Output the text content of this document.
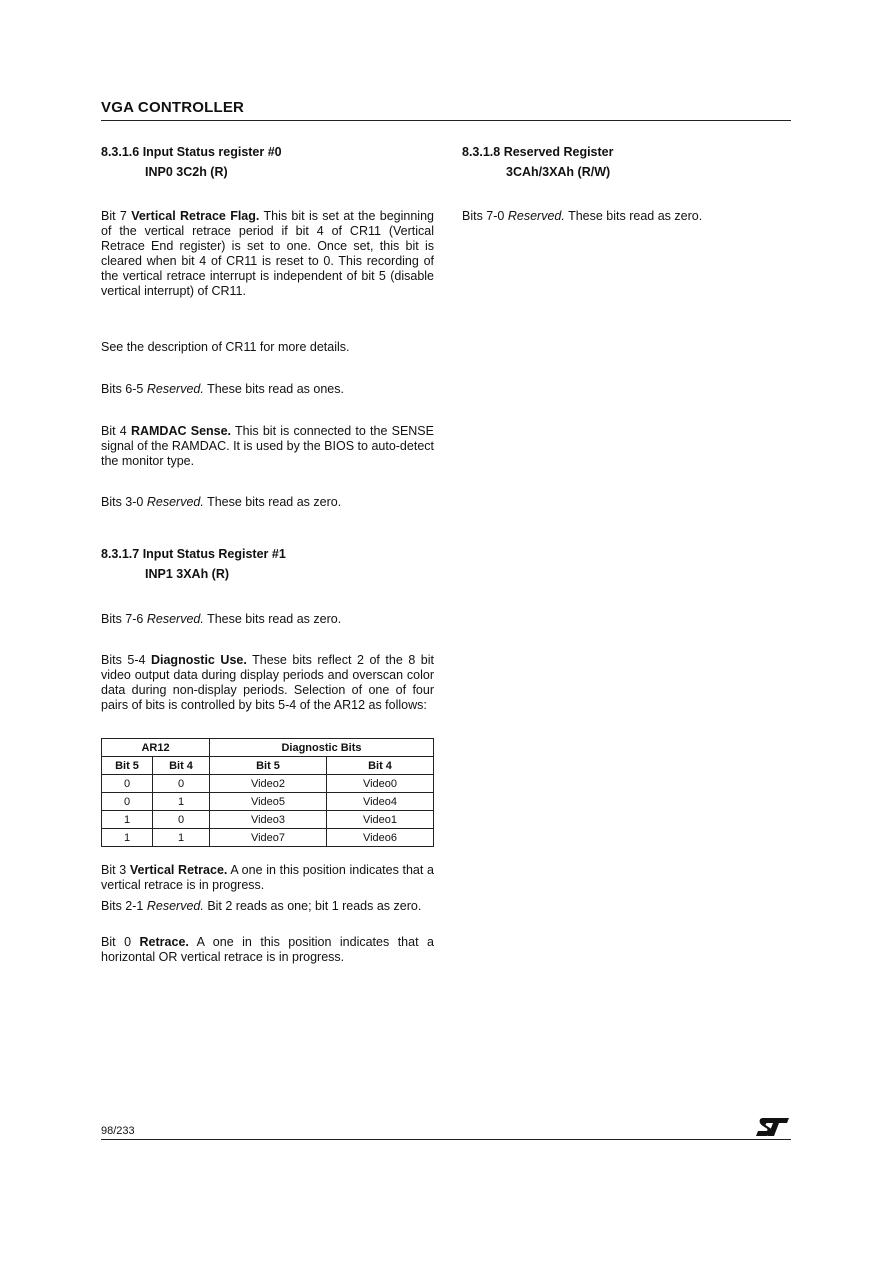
VGA CONTROLLER
8.3.1.6 Input Status register #0
INP0 3C2h (R)
Bit 7 Vertical Retrace Flag. This bit is set at the beginning of the vertical retrace period if bit 4 of CR11 (Vertical Retrace End register) is set to one. Once set, this bit is cleared when bit 4 of CR11 is reset to 0. This recording of the vertical retrace interrupt is independent of bit 5 (disable vertical interrupt) of CR11.
See the description of CR11 for more details.
Bits 6-5 Reserved. These bits read as ones.
Bit 4 RAMDAC Sense. This bit is connected to the SENSE signal of the RAMDAC. It is used by the BIOS to auto-detect the monitor type.
Bits 3-0 Reserved. These bits read as zero.
8.3.1.7 Input Status Register #1
INP1 3XAh (R)
Bits 7-6 Reserved. These bits read as zero.
Bits 5-4 Diagnostic Use. These bits reflect 2 of the 8 bit video output data during display periods and overscan color data during non-display periods. Selection of one of four pairs of bits is controlled by bits 5-4 of the AR12 as follows:
AR12		Diagnostic Bits	
Bit 5	Bit 4	Bit 5	Bit 4
0	0	Video2	Video0
0	1	Video5	Video4
1	0	Video3	Video1
1	1	Video7	Video6
Bit 3 Vertical Retrace. A one in this position indicates that a vertical retrace is in progress.
Bits 2-1 Reserved. Bit 2 reads as one; bit 1 reads as zero.
Bit 0 Retrace. A one in this position indicates that a horizontal OR vertical retrace is in progress.
8.3.1.8 Reserved Register
3CAh/3XAh (R/W)
Bits 7-0 Reserved. These bits read as zero.
98/233
